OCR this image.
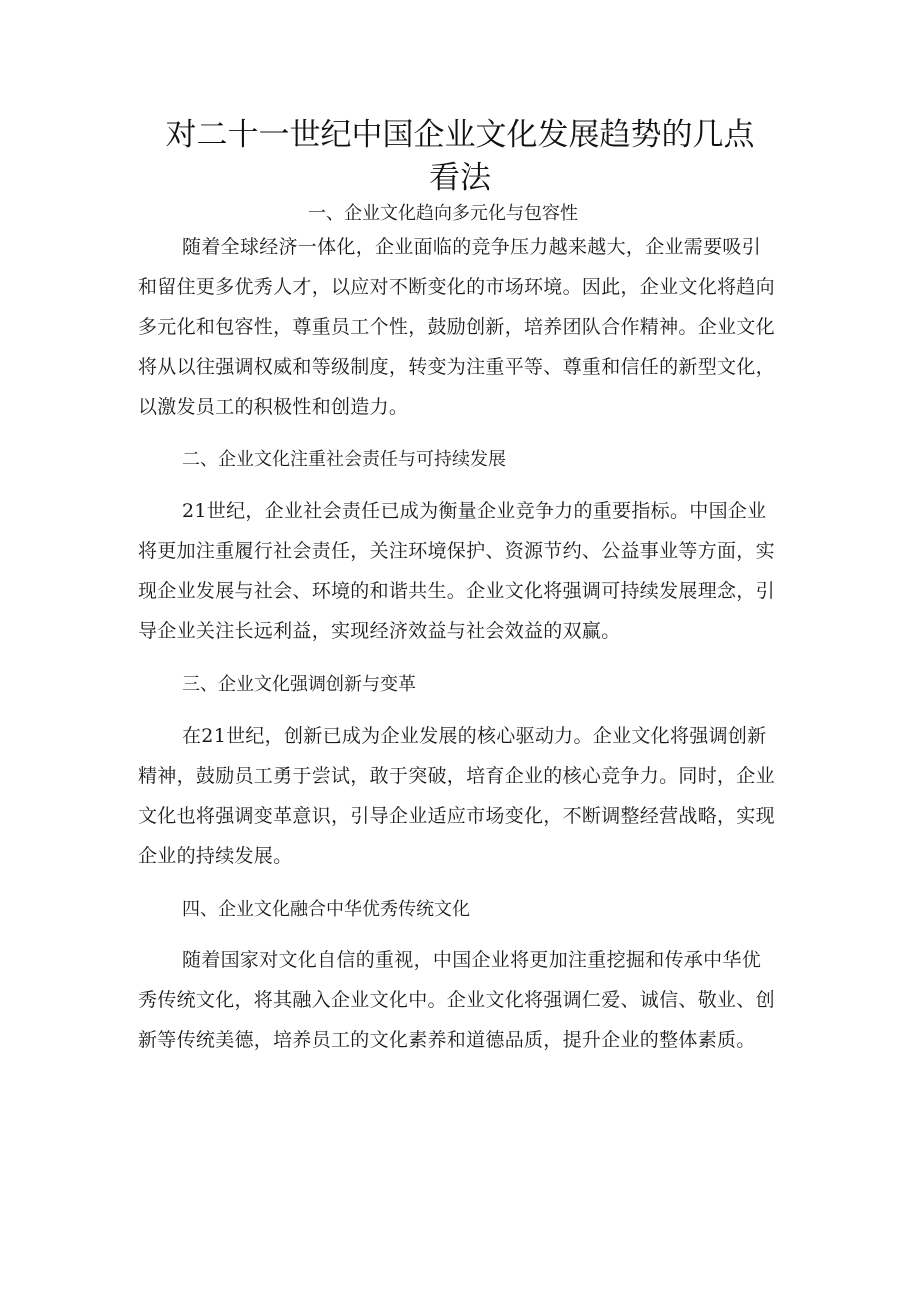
对二十一世纪中国企业文化发展趋势的几点
看法

一、企业文化趋向多元化与包容性

随着全球经济一体化，企业面临的竞争压力越来越大，企业需要吸引和留住更多优秀人才，以应对不断变化的市场环境。因此，企业文化将趋向多元化和包容性，尊重员工个性，鼓励创新，培养团队合作精神。企业文化将从以往强调权威和等级制度，转变为注重平等、尊重和信任的新型文化，以激发员工的积极性和创造力。

二、企业文化注重社会责任与可持续发展

21世纪，企业社会责任已成为衡量企业竞争力的重要指标。中国企业将更加注重履行社会责任，关注环境保护、资源节约、公益事业等方面，实现企业发展与社会、环境的和谐共生。企业文化将强调可持续发展理念，引导企业关注长远利益，实现经济效益与社会效益的双赢。

三、企业文化强调创新与变革

在21世纪，创新已成为企业发展的核心驱动力。企业文化将强调创新精神，鼓励员工勇于尝试，敢于突破，培育企业的核心竞争力。同时，企业文化也将强调变革意识，引导企业适应市场变化，不断调整经营战略，实现企业的持续发展。

四、企业文化融合中华优秀传统文化

随着国家对文化自信的重视，中国企业将更加注重挖掘和传承中华优秀传统文化，将其融入企业文化中。企业文化将强调仁爱、诚信、敬业、创新等传统美德，培养员工的文化素养和道德品质，提升企业的整体素质。
